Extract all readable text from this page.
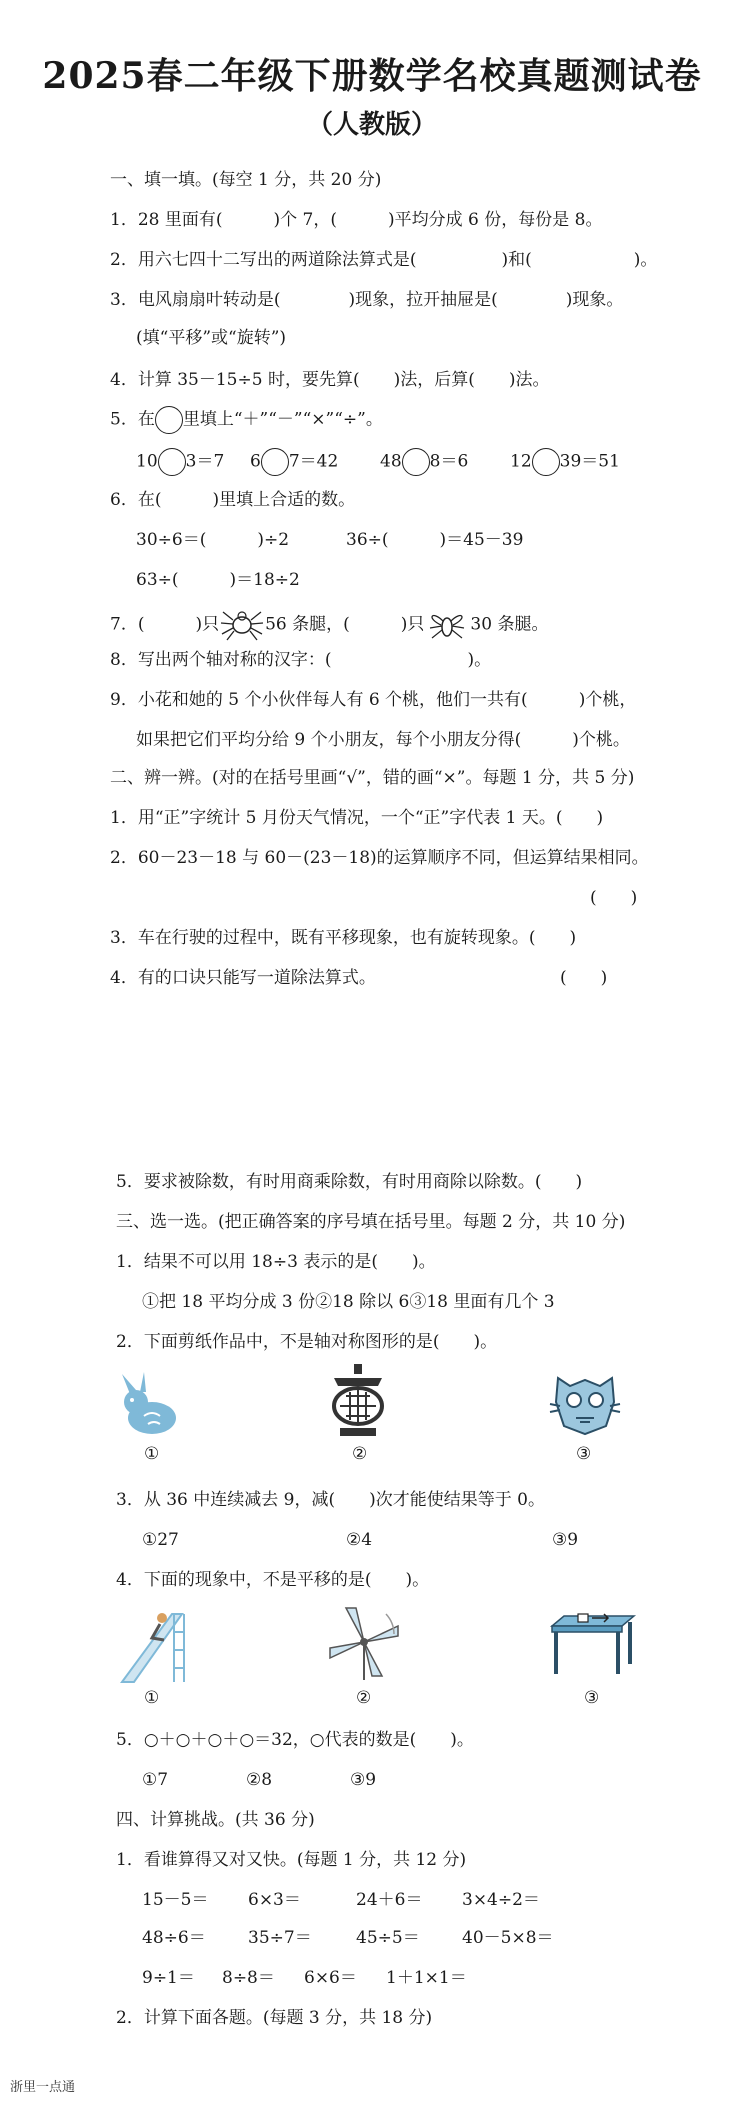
2025春二年级下册数学名校真题测试卷
（人教版）
一、填一填。(每空 1 分，共 20 分)
1．28 里面有(　　　)个 7，(　　　)平均分成 6 份，每份是 8。
2．用六七四十二写出的两道除法算式是(　　　　　)和(　　　　　　)。
3．电风扇扇叶转动是(　　　　)现象，拉开抽屉是(　　　　)现象。
(填“平移”或“旋转”)
4．计算 35－15÷5 时，要先算(　　)法，后算(　　)法。
5．在 里填上“＋”“－”“×”“÷”。
10 3＝7 6 7＝42 48 8＝6 12 39＝51
6．在(　　　)里填上合适的数。
30÷6＝(　　　)÷2	36÷(　　　)＝45－39
63÷(　　　)＝18÷2
7．(　　　)只	56 条腿，(　　　)只	30 条腿。
8．写出两个轴对称的汉字：(　　　　　　　　)。
9．小花和她的 5 个小伙伴每人有 6 个桃，他们一共有(　　　)个桃，
如果把它们平均分给 9 个小朋友，每个小朋友分得(　　　)个桃。
二、辨一辨。(对的在括号里画“√”，错的画“×”。每题 1 分，共 5 分)
1．用“正”字统计 5 月份天气情况，一个“正”字代表 1 天。(　　)
2．60－23－18 与 60－(23－18)的运算顺序不同，但运算结果相同。
(　　)
3．车在行驶的过程中，既有平移现象，也有旋转现象。(　　)
4．有的口诀只能写一道除法算式。	(　　)
5．要求被除数，有时用商乘除数，有时用商除以除数。(　　)
三、选一选。(把正确答案的序号填在括号里。每题 2 分，共 10 分)
1．结果不可以用 18÷3 表示的是(　　)。
①把 18 平均分成 3 份②18 除以 6③18 里面有几个 3
2．下面剪纸作品中，不是轴对称图形的是(　　)。
①	②	③
3．从 36 中连续减去 9，减(　　)次才能使结果等于 0。
①27	②4	③9
4．下面的现象中，不是平移的是(　　)。
①	②	③
5．○＋○＋○＋○＝32，○代表的数是(　　)。
①7	②8	③9
四、计算挑战。(共 36 分)
1．看谁算得又对又快。(每题 1 分，共 12 分)
15－5＝ 6×3＝	24＋6＝ 3×4÷2＝
48÷6＝ 35÷7＝	45÷5＝ 40－5×8＝
9÷1＝ 8÷8＝ 6×6＝ 1＋1×1＝
2．计算下面各题。(每题 3 分，共 18 分)
浙里一点通
